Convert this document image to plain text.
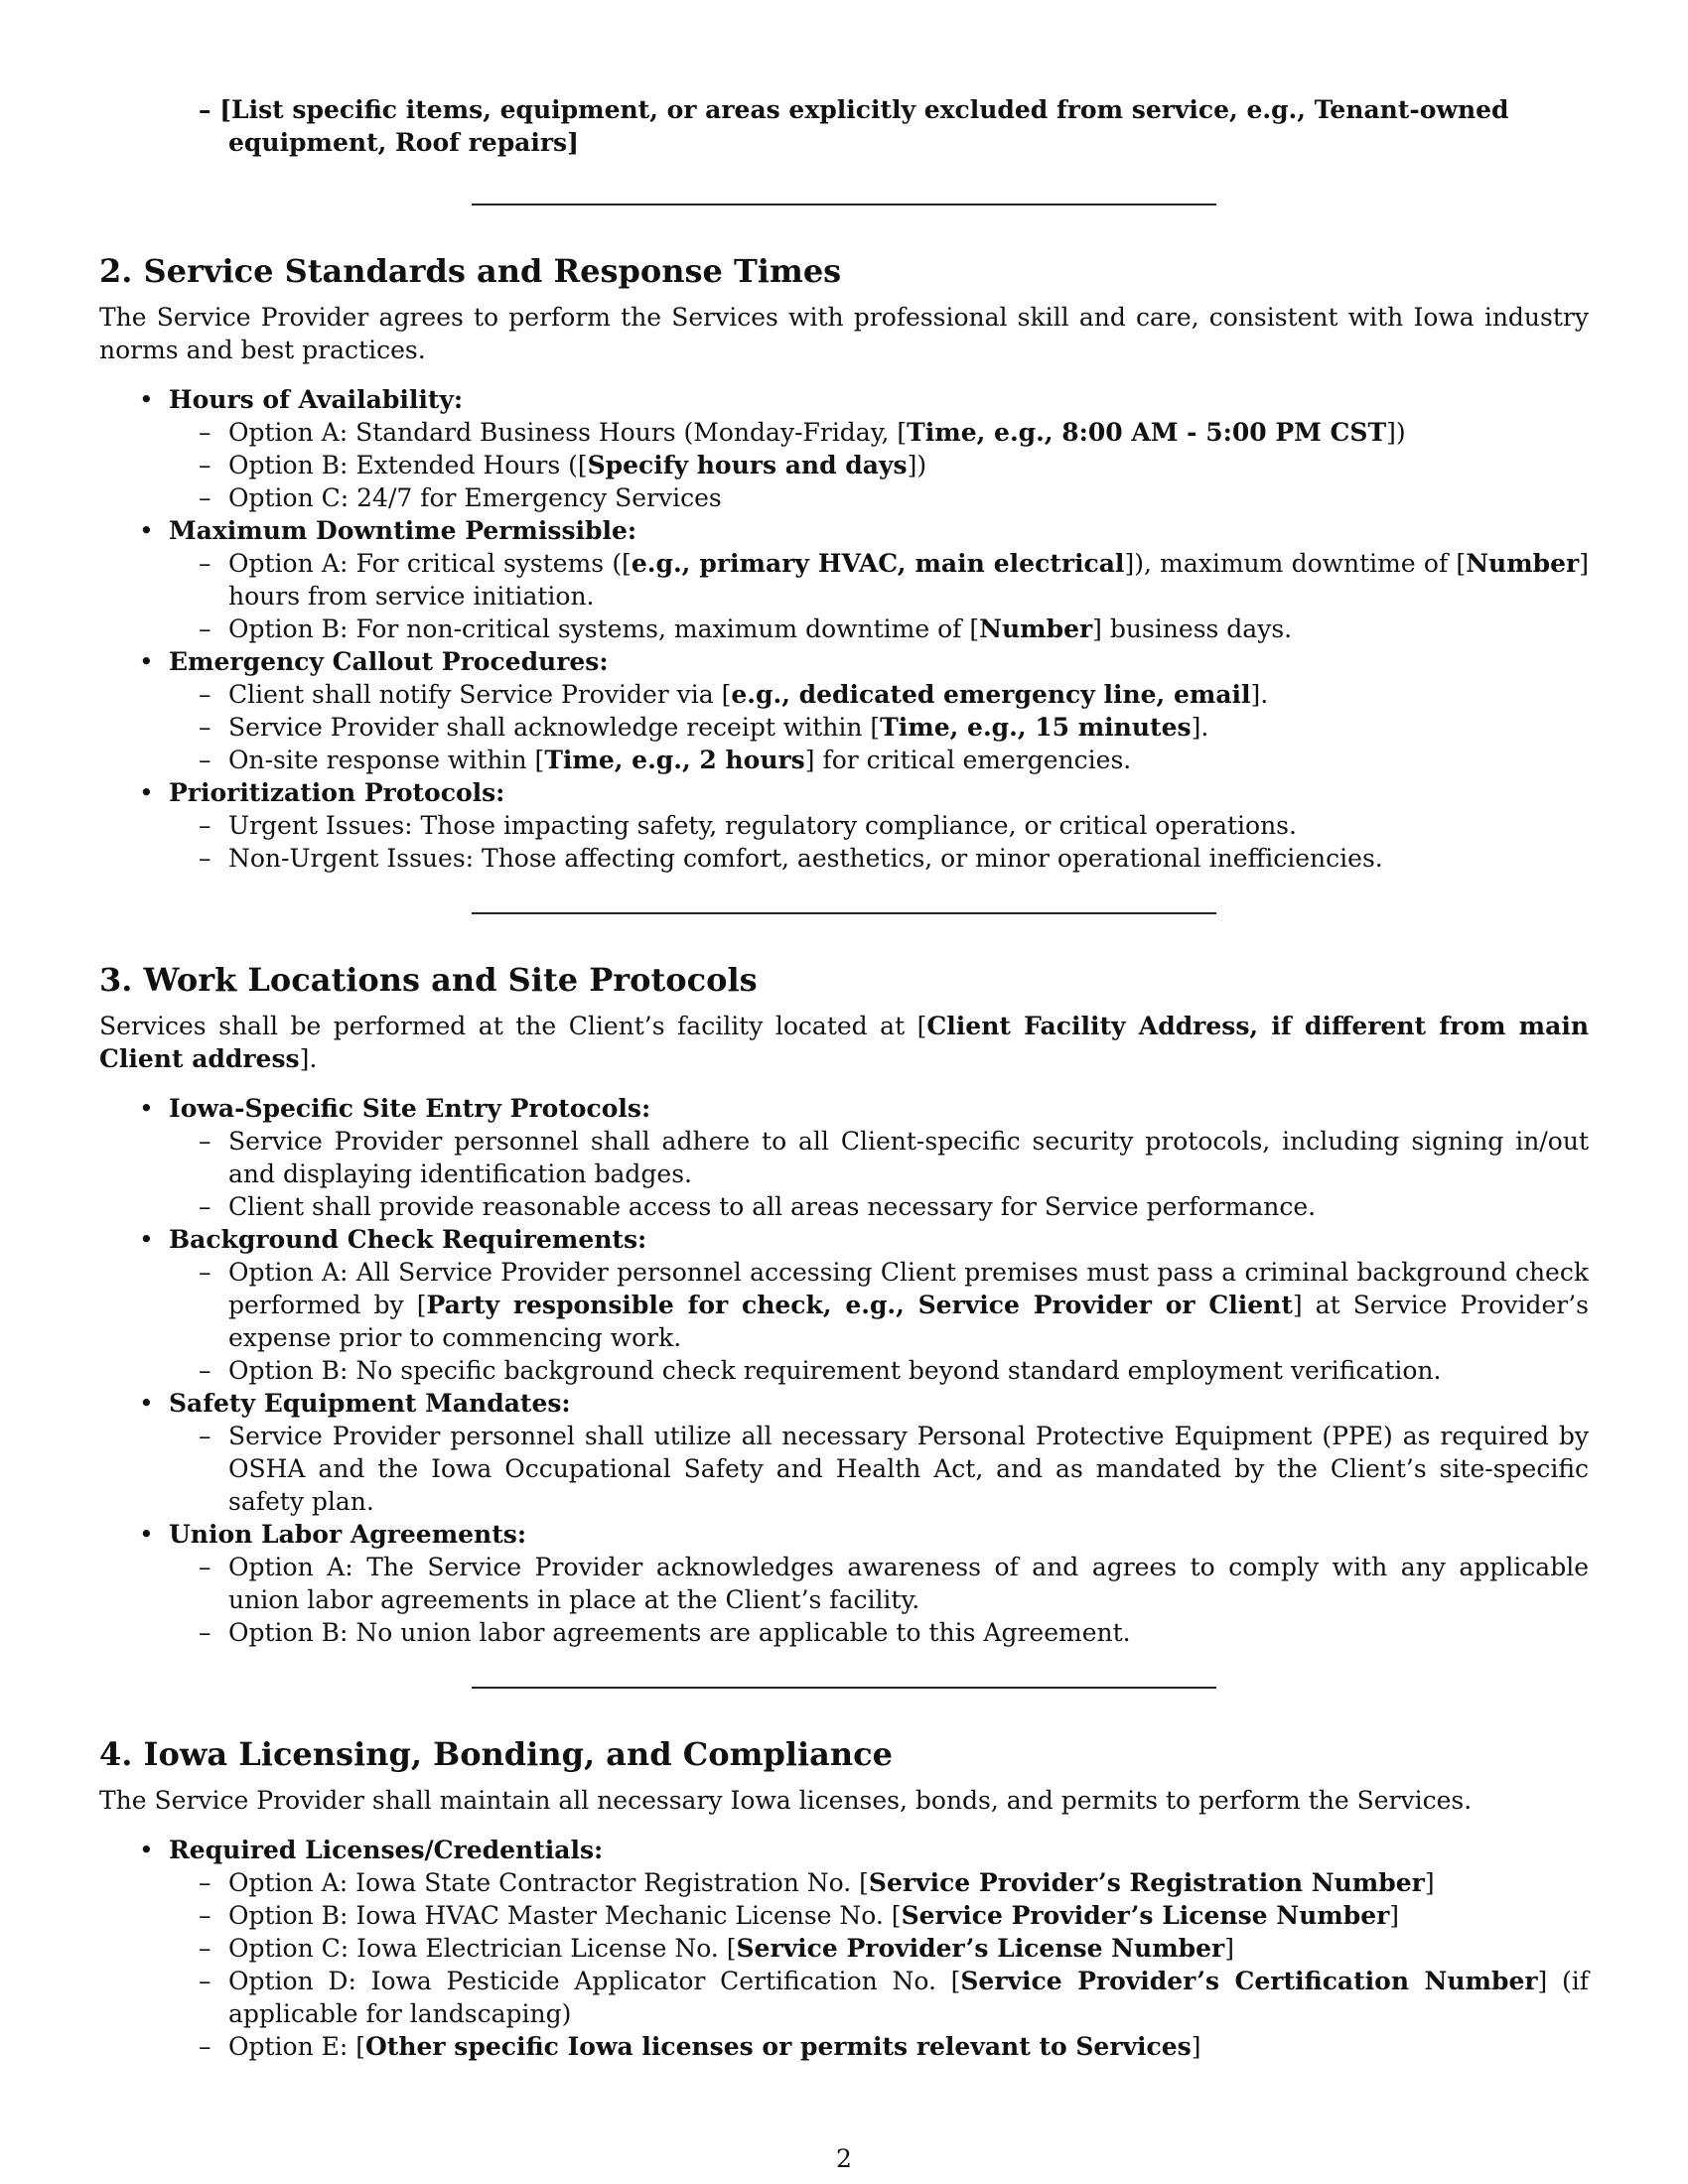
– [List specific items, equipment, or areas explicitly excluded from service, e.g., Tenant-owned equipment, Roof repairs]
2. Service Standards and Response Times

The Service Provider agrees to perform the Services with professional skill and care, consistent with Iowa industry norms and best practices.

• Hours of Availability:
– Option A: Standard Business Hours (Monday-Friday, [Time, e.g., 8:00 AM - 5:00 PM CST])
– Option B: Extended Hours ([Specify hours and days])
– Option C: 24/7 for Emergency Services
• Maximum Downtime Permissible:
– Option A: For critical systems ([e.g., primary HVAC, main electrical]), maximum downtime of [Number] hours from service initiation.
– Option B: For non-critical systems, maximum downtime of [Number] business days.
• Emergency Callout Procedures:
– Client shall notify Service Provider via [e.g., dedicated emergency line, email].
– Service Provider shall acknowledge receipt within [Time, e.g., 15 minutes].
– On-site response within [Time, e.g., 2 hours] for critical emergencies.
• Prioritization Protocols:
– Urgent Issues: Those impacting safety, regulatory compliance, or critical operations.
– Non-Urgent Issues: Those affecting comfort, aesthetics, or minor operational inefficiencies.
3. Work Locations and Site Protocols

Services shall be performed at the Client’s facility located at [Client Facility Address, if different from main Client address].

• Iowa-Specific Site Entry Protocols:
– Service Provider personnel shall adhere to all Client-specific security protocols, including signing in/out and displaying identification badges.
– Client shall provide reasonable access to all areas necessary for Service performance.
• Background Check Requirements:
– Option A: All Service Provider personnel accessing Client premises must pass a criminal background check performed by [Party responsible for check, e.g., Service Provider or Client] at Service Provider’s expense prior to commencing work.
– Option B: No specific background check requirement beyond standard employment verification.
• Safety Equipment Mandates:
– Service Provider personnel shall utilize all necessary Personal Protective Equipment (PPE) as required by OSHA and the Iowa Occupational Safety and Health Act, and as mandated by the Client’s site-specific safety plan.
• Union Labor Agreements:
– Option A: The Service Provider acknowledges awareness of and agrees to comply with any applicable union labor agreements in place at the Client’s facility.
– Option B: No union labor agreements are applicable to this Agreement.
4. Iowa Licensing, Bonding, and Compliance

The Service Provider shall maintain all necessary Iowa licenses, bonds, and permits to perform the Services.

• Required Licenses/Credentials:
– Option A: Iowa State Contractor Registration No. [Service Provider’s Registration Number]
– Option B: Iowa HVAC Master Mechanic License No. [Service Provider’s License Number]
– Option C: Iowa Electrician License No. [Service Provider’s License Number]
– Option D: Iowa Pesticide Applicator Certification No. [Service Provider’s Certification Number] (if applicable for landscaping)
– Option E: [Other specific Iowa licenses or permits relevant to Services]
2
